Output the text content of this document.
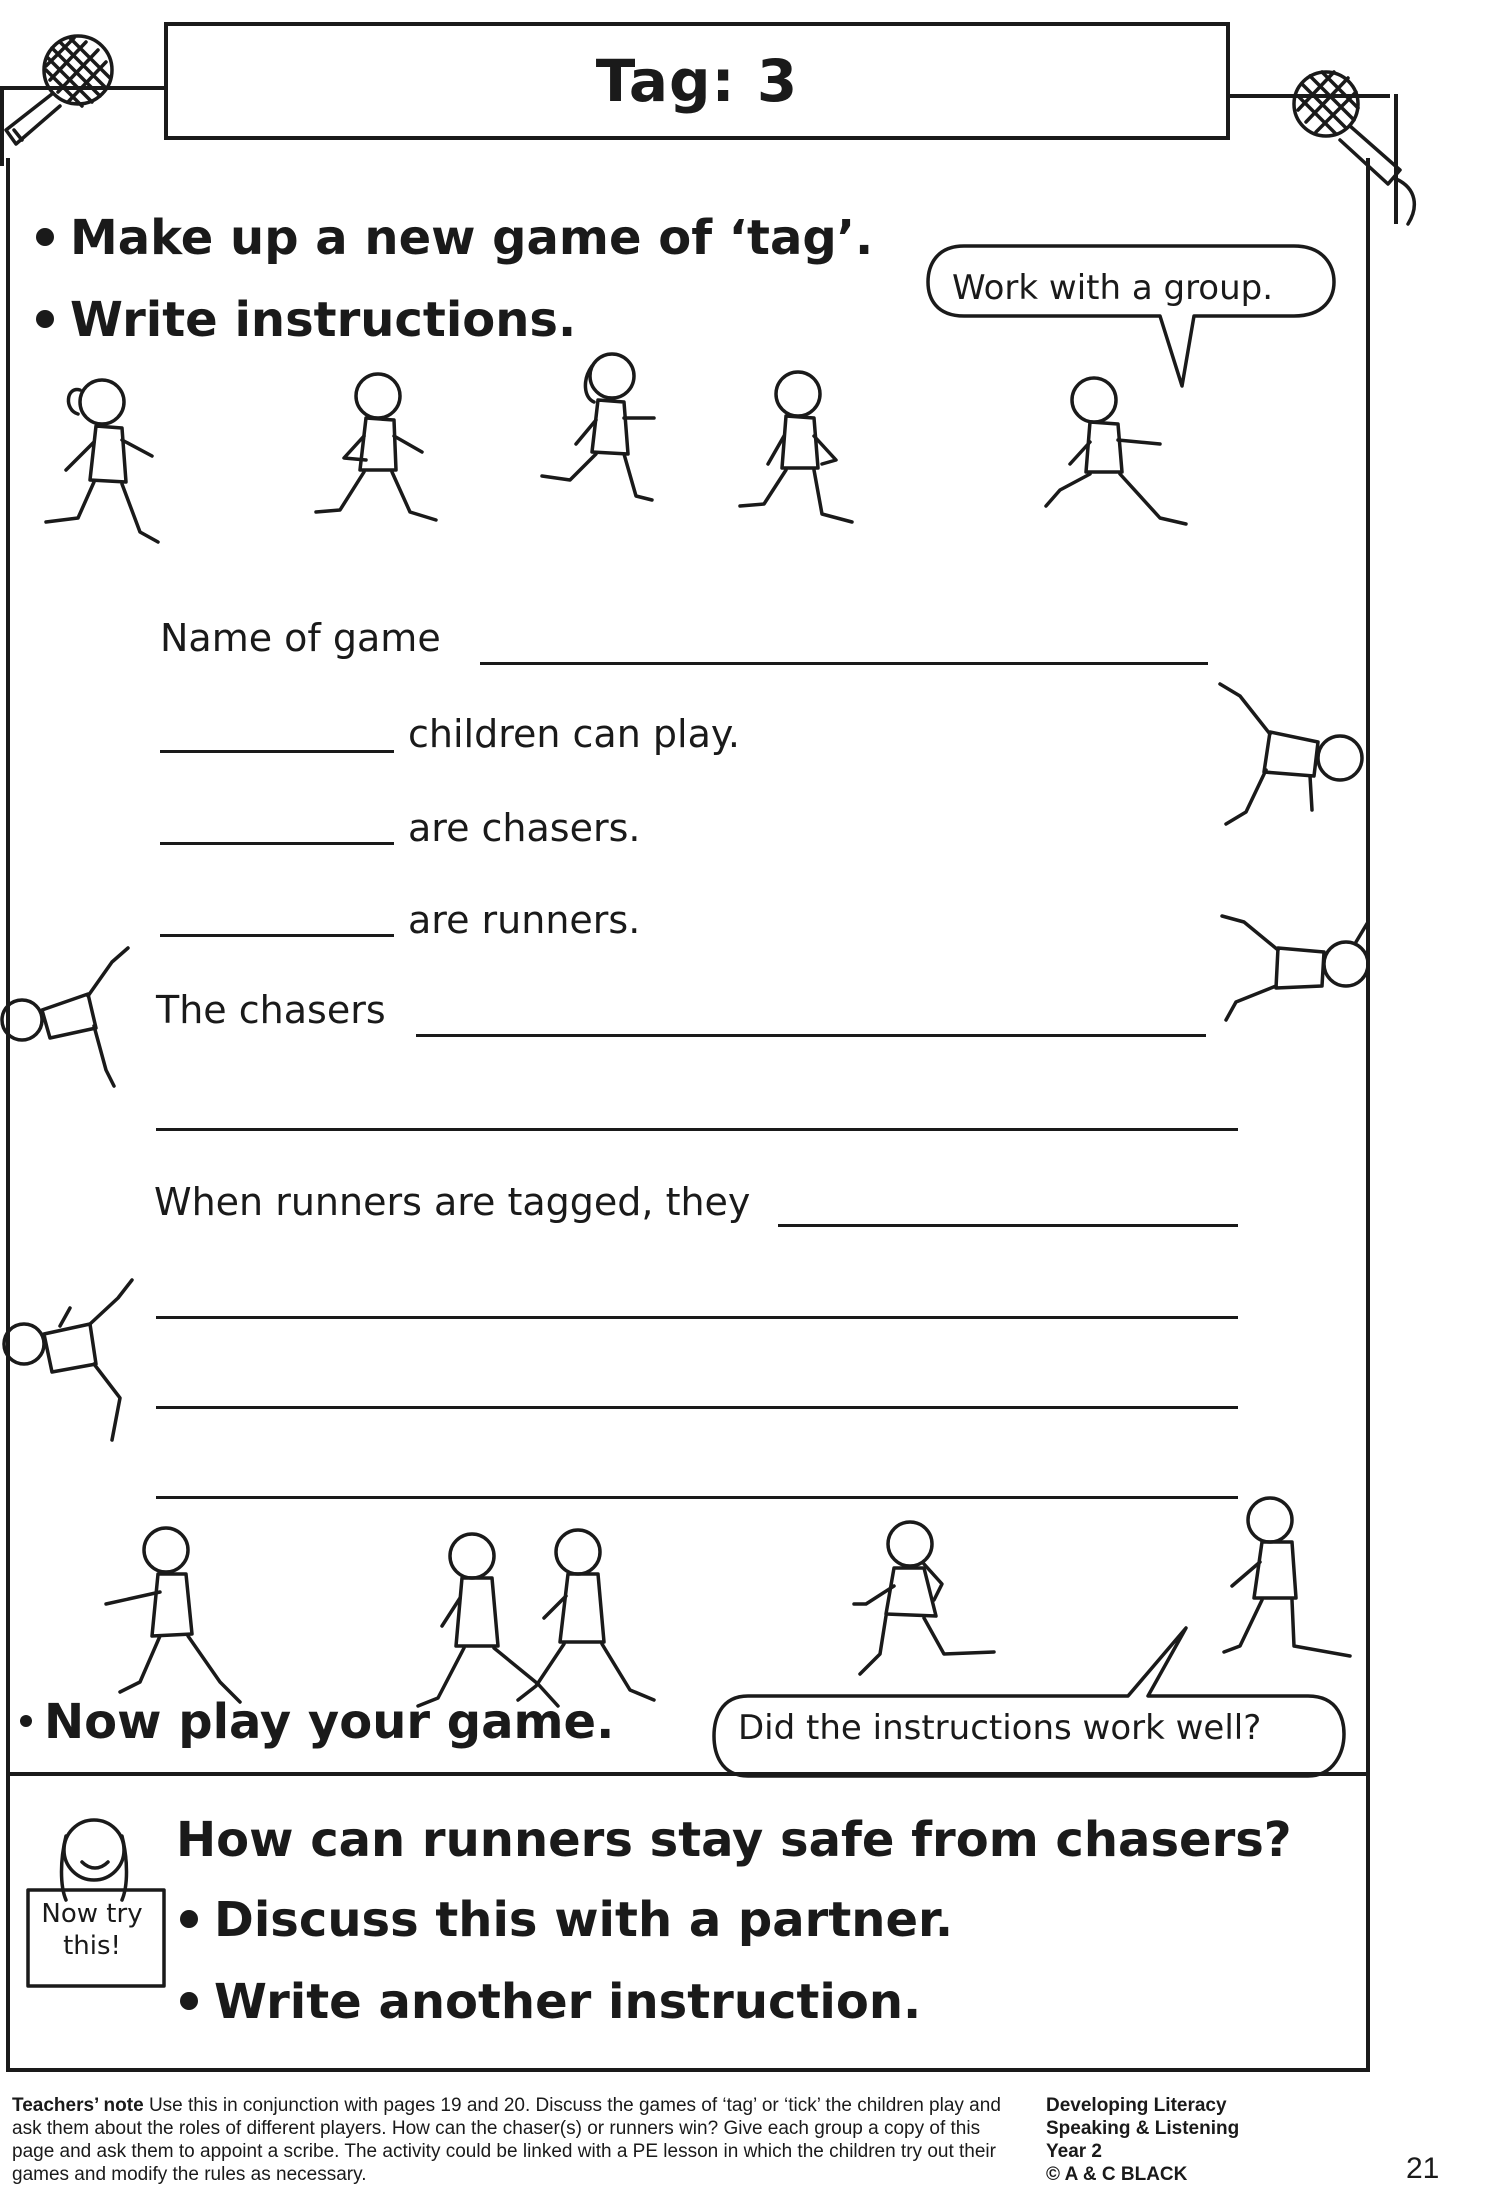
Tag: 3
Make up a new game of ‘tag’.
Write instructions.
Work with a group.
Name of game
children can play.
are chasers.
are runners.
The chasers
When runners are tagged, they
Now play your game.	Did the instructions work well?
Now try
this!
How can runners stay safe from chasers?
Discuss this with a partner.
Write another instruction.
Teachers’ note Use this in conjunction with pages 19 and 20. Discuss the games of ‘tag’ or ‘tick’ the children play and ask them about the roles of different players. How can the chaser(s) or runners win? Give each group a copy of this page and ask them to appoint a scribe. The activity could be linked with a PE lesson in which the children try out their games and modify the rules as necessary.
Developing Literacy
Speaking & Listening
Year 2
© A & C BLACK	21
